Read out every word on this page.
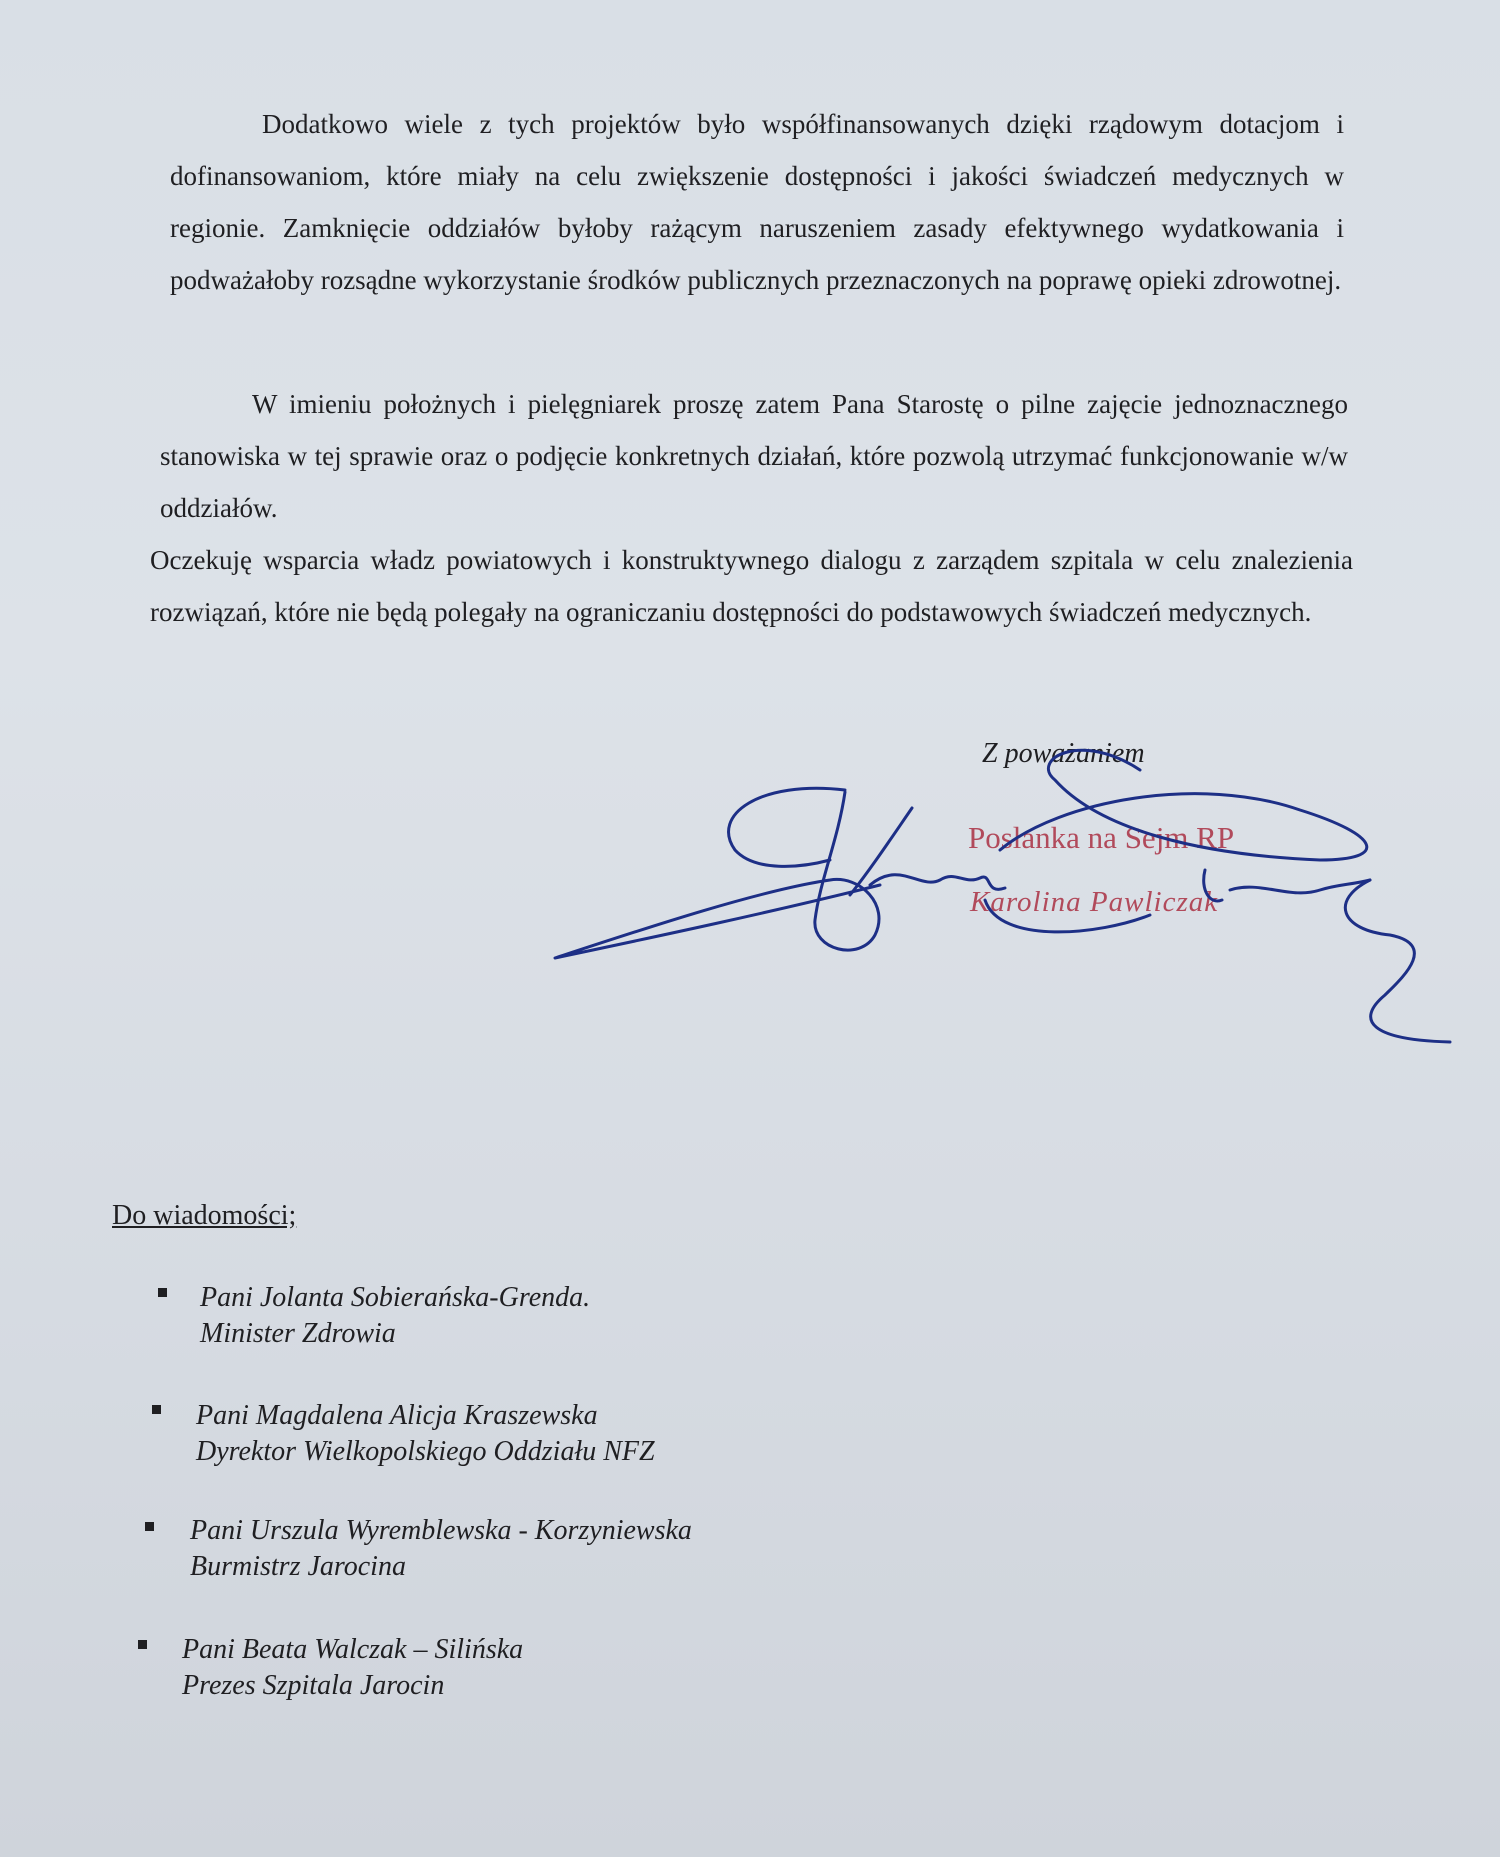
Dodatkowo wiele z tych projektów było współfinansowanych dzięki rządowym dotacjom i dofinansowaniom, które miały na celu zwiększenie dostępności i jakości świadczeń medycznych w regionie. Zamknięcie oddziałów byłoby rażącym naruszeniem zasady efektywnego wydatkowania i podważałoby rozsądne wykorzystanie środków publicznych przeznaczonych na poprawę opieki zdrowotnej.

W imieniu położnych i pielęgniarek proszę zatem Pana Starostę o pilne zajęcie jednoznacznego stanowiska w tej sprawie oraz o podjęcie konkretnych działań, które pozwolą utrzymać funkcjonowanie w/w oddziałów.

Oczekuję wsparcia władz powiatowych i konstruktywnego dialogu z zarządem szpitala w celu znalezienia rozwiązań, które nie będą polegały na ograniczaniu dostępności do podstawowych świadczeń medycznych.

Z poważaniem

Posłanka na Sejm RP

Karolina Pawliczak

Do wiadomości;

Pani Jolanta Sobierańska-Grenda.
Minister Zdrowia
Pani Magdalena Alicja Kraszewska
Dyrektor Wielkopolskiego Oddziału NFZ
Pani Urszula Wyremblewska - Korzyniewska
Burmistrz Jarocina
Pani Beata Walczak – Silińska
Prezes Szpitala Jarocin
